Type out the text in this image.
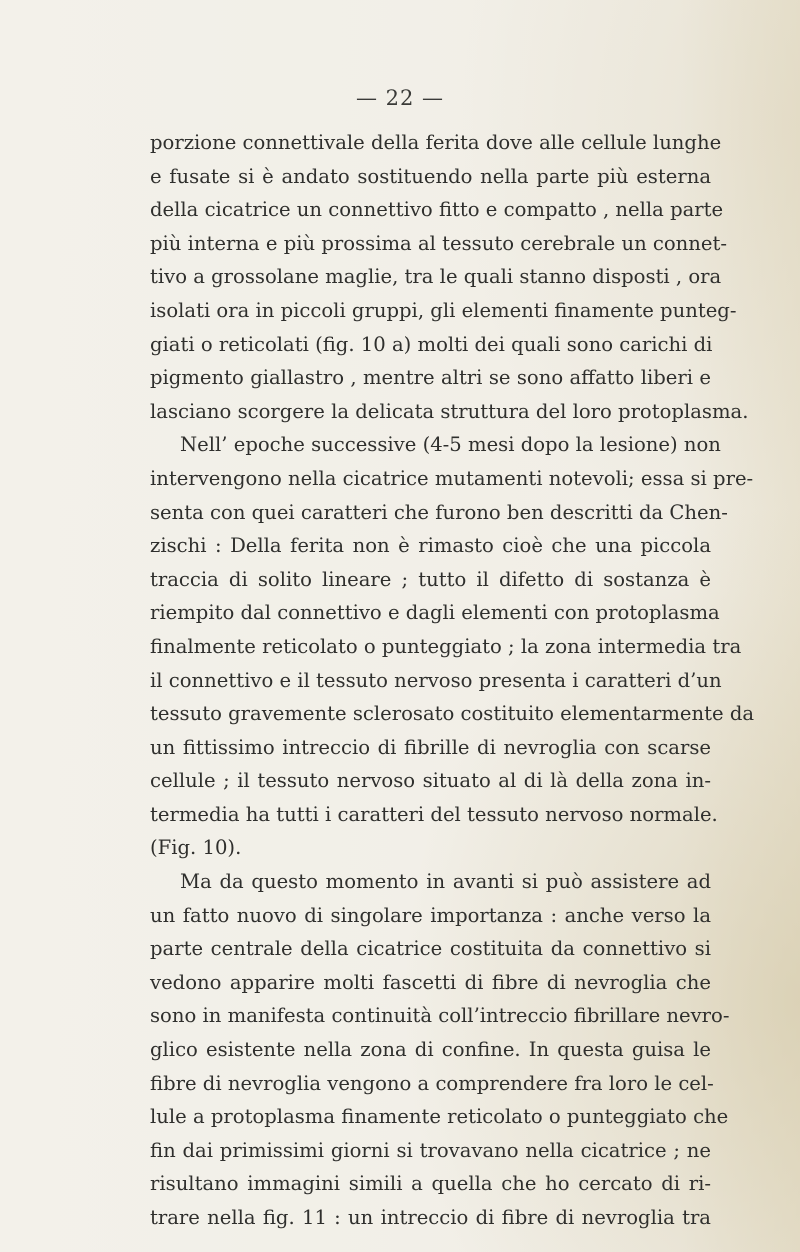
— 22 —
porzione connettivale della ferita dove alle cellule lunghe
e fusate si è andato sostituendo nella parte più esterna
della cicatrice un connettivo fitto e compatto , nella parte
più interna e più prossima al tessuto cerebrale un connet-
tivo a grossolane maglie, tra le quali stanno disposti , ora
isolati ora in piccoli gruppi, gli elementi finamente punteg-
giati o reticolati (fig. 10 a) molti dei quali sono carichi di
pigmento giallastro , mentre altri se sono affatto liberi e
lasciano scorgere la delicata struttura del loro protoplasma.
Nell’ epoche successive (4-5 mesi dopo la lesione) non
intervengono nella cicatrice mutamenti notevoli; essa si pre-
senta con quei caratteri che furono ben descritti da Chen-
zischi : Della ferita non è rimasto cioè che una piccola
traccia di solito lineare ; tutto il difetto di sostanza è
riempito dal connettivo e dagli elementi con protoplasma
finalmente reticolato o punteggiato ; la zona intermedia tra
il connettivo e il tessuto nervoso presenta i caratteri d’un
tessuto gravemente sclerosato costituito elementarmente da
un fittissimo intreccio di fibrille di nevroglia con scarse
cellule ; il tessuto nervoso situato al di là della zona in-
termedia ha tutti i caratteri del tessuto nervoso normale.
(Fig. 10).
Ma da questo momento in avanti si può assistere ad
un fatto nuovo di singolare importanza : anche verso la
parte centrale della cicatrice costituita da connettivo si
vedono apparire molti fascetti di fibre di nevroglia che
sono in manifesta continuità coll’intreccio fibrillare nevro-
glico esistente nella zona di confine. In questa guisa le
fibre di nevroglia vengono a comprendere fra loro le cel-
lule a protoplasma finamente reticolato o punteggiato che
fin dai primissimi giorni si trovavano nella cicatrice ; ne
risultano immagini simili a quella che ho cercato di ri-
trare nella fig. 11 : un intreccio di fibre di nevroglia tra
